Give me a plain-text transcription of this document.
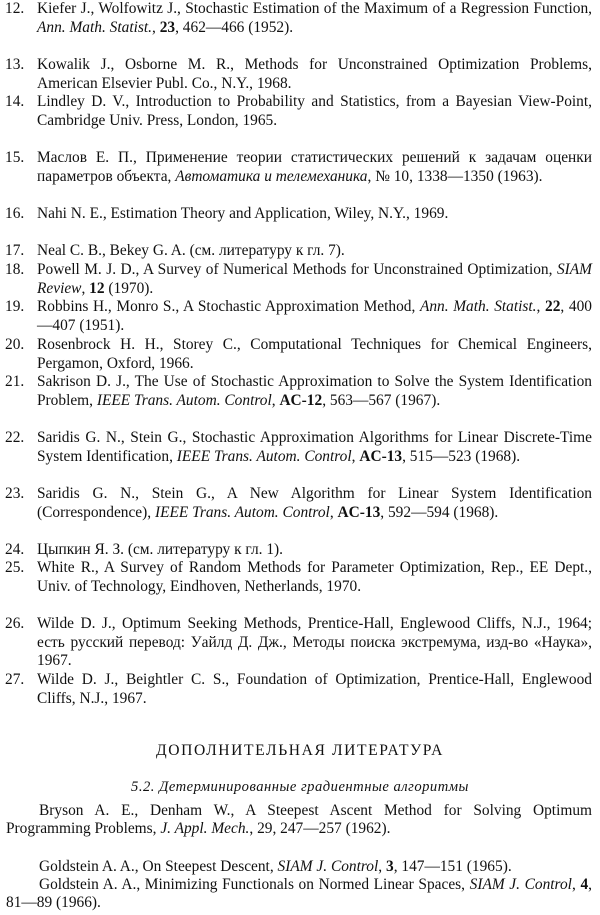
12. Kiefer J., Wolfowitz J., Stochastic Estimation of the Maximum of a Regression Function, Ann. Math. Statist., 23, 462—466 (1952).
13. Kowalik J., Osborne M. R., Methods for Unconstrained Optimization Problems, American Elsevier Publ. Co., N.Y., 1968.
14. Lindley D. V., Introduction to Probability and Statistics, from a Bayesian View-Point, Cambridge Univ. Press, London, 1965.
15. Маслов Е. П., Применение теории статистических решений к задачам оценки параметров объекта, Автоматика и телемеханика, № 10, 1338—1350 (1963).
16. Nahi N. E., Estimation Theory and Application, Wiley, N.Y., 1969.
17. Neal C. B., Bekey G. A. (см. литературу к гл. 7).
18. Powell M. J. D., A Survey of Numerical Methods for Unconstrained Optimization, SIAM Review, 12 (1970).
19. Robbins H., Monro S., A Stochastic Approximation Method, Ann. Math. Statist., 22, 400—407 (1951).
20. Rosenbrock H. H., Storey C., Computational Techniques for Chemical Engineers, Pergamon, Oxford, 1966.
21. Sakrison D. J., The Use of Stochastic Approximation to Solve the System Identification Problem, IEEE Trans. Autom. Control, AC-12, 563—567 (1967).
22. Saridis G. N., Stein G., Stochastic Approximation Algorithms for Linear Discrete-Time System Identification, IEEE Trans. Autom. Control, AC-13, 515—523 (1968).
23. Saridis G. N., Stein G., A New Algorithm for Linear System Identification (Correspondence), IEEE Trans. Autom. Control, AC-13, 592—594 (1968).
24. Цыпкин Я. З. (см. литературу к гл. 1).
25. White R., A Survey of Random Methods for Parameter Optimization, Rep., EE Dept., Univ. of Technology, Eindhoven, Netherlands, 1970.
26. Wilde D. J., Optimum Seeking Methods, Prentice-Hall, Englewood Cliffs, N.J., 1964; есть русский перевод: Уайлд Д. Дж., Методы поиска экстремума, изд-во «Наука», 1967.
27. Wilde D. J., Beightler C. S., Foundation of Optimization, Prentice-Hall, Englewood Cliffs, N.J., 1967.
ДОПОЛНИТЕЛЬНАЯ ЛИТЕРАТУРА
5.2. Детерминированные градиентные алгоритмы
Bryson A. E., Denham W., A Steepest Ascent Method for Solving Optimum Programming Problems, J. Appl. Mech., 29, 247—257 (1962).
Goldstein A. A., On Steepest Descent, SIAM J. Control, 3, 147—151 (1965).
Goldstein A. A., Minimizing Functionals on Normed Linear Spaces, SIAM J. Control, 4, 81—89 (1966).
